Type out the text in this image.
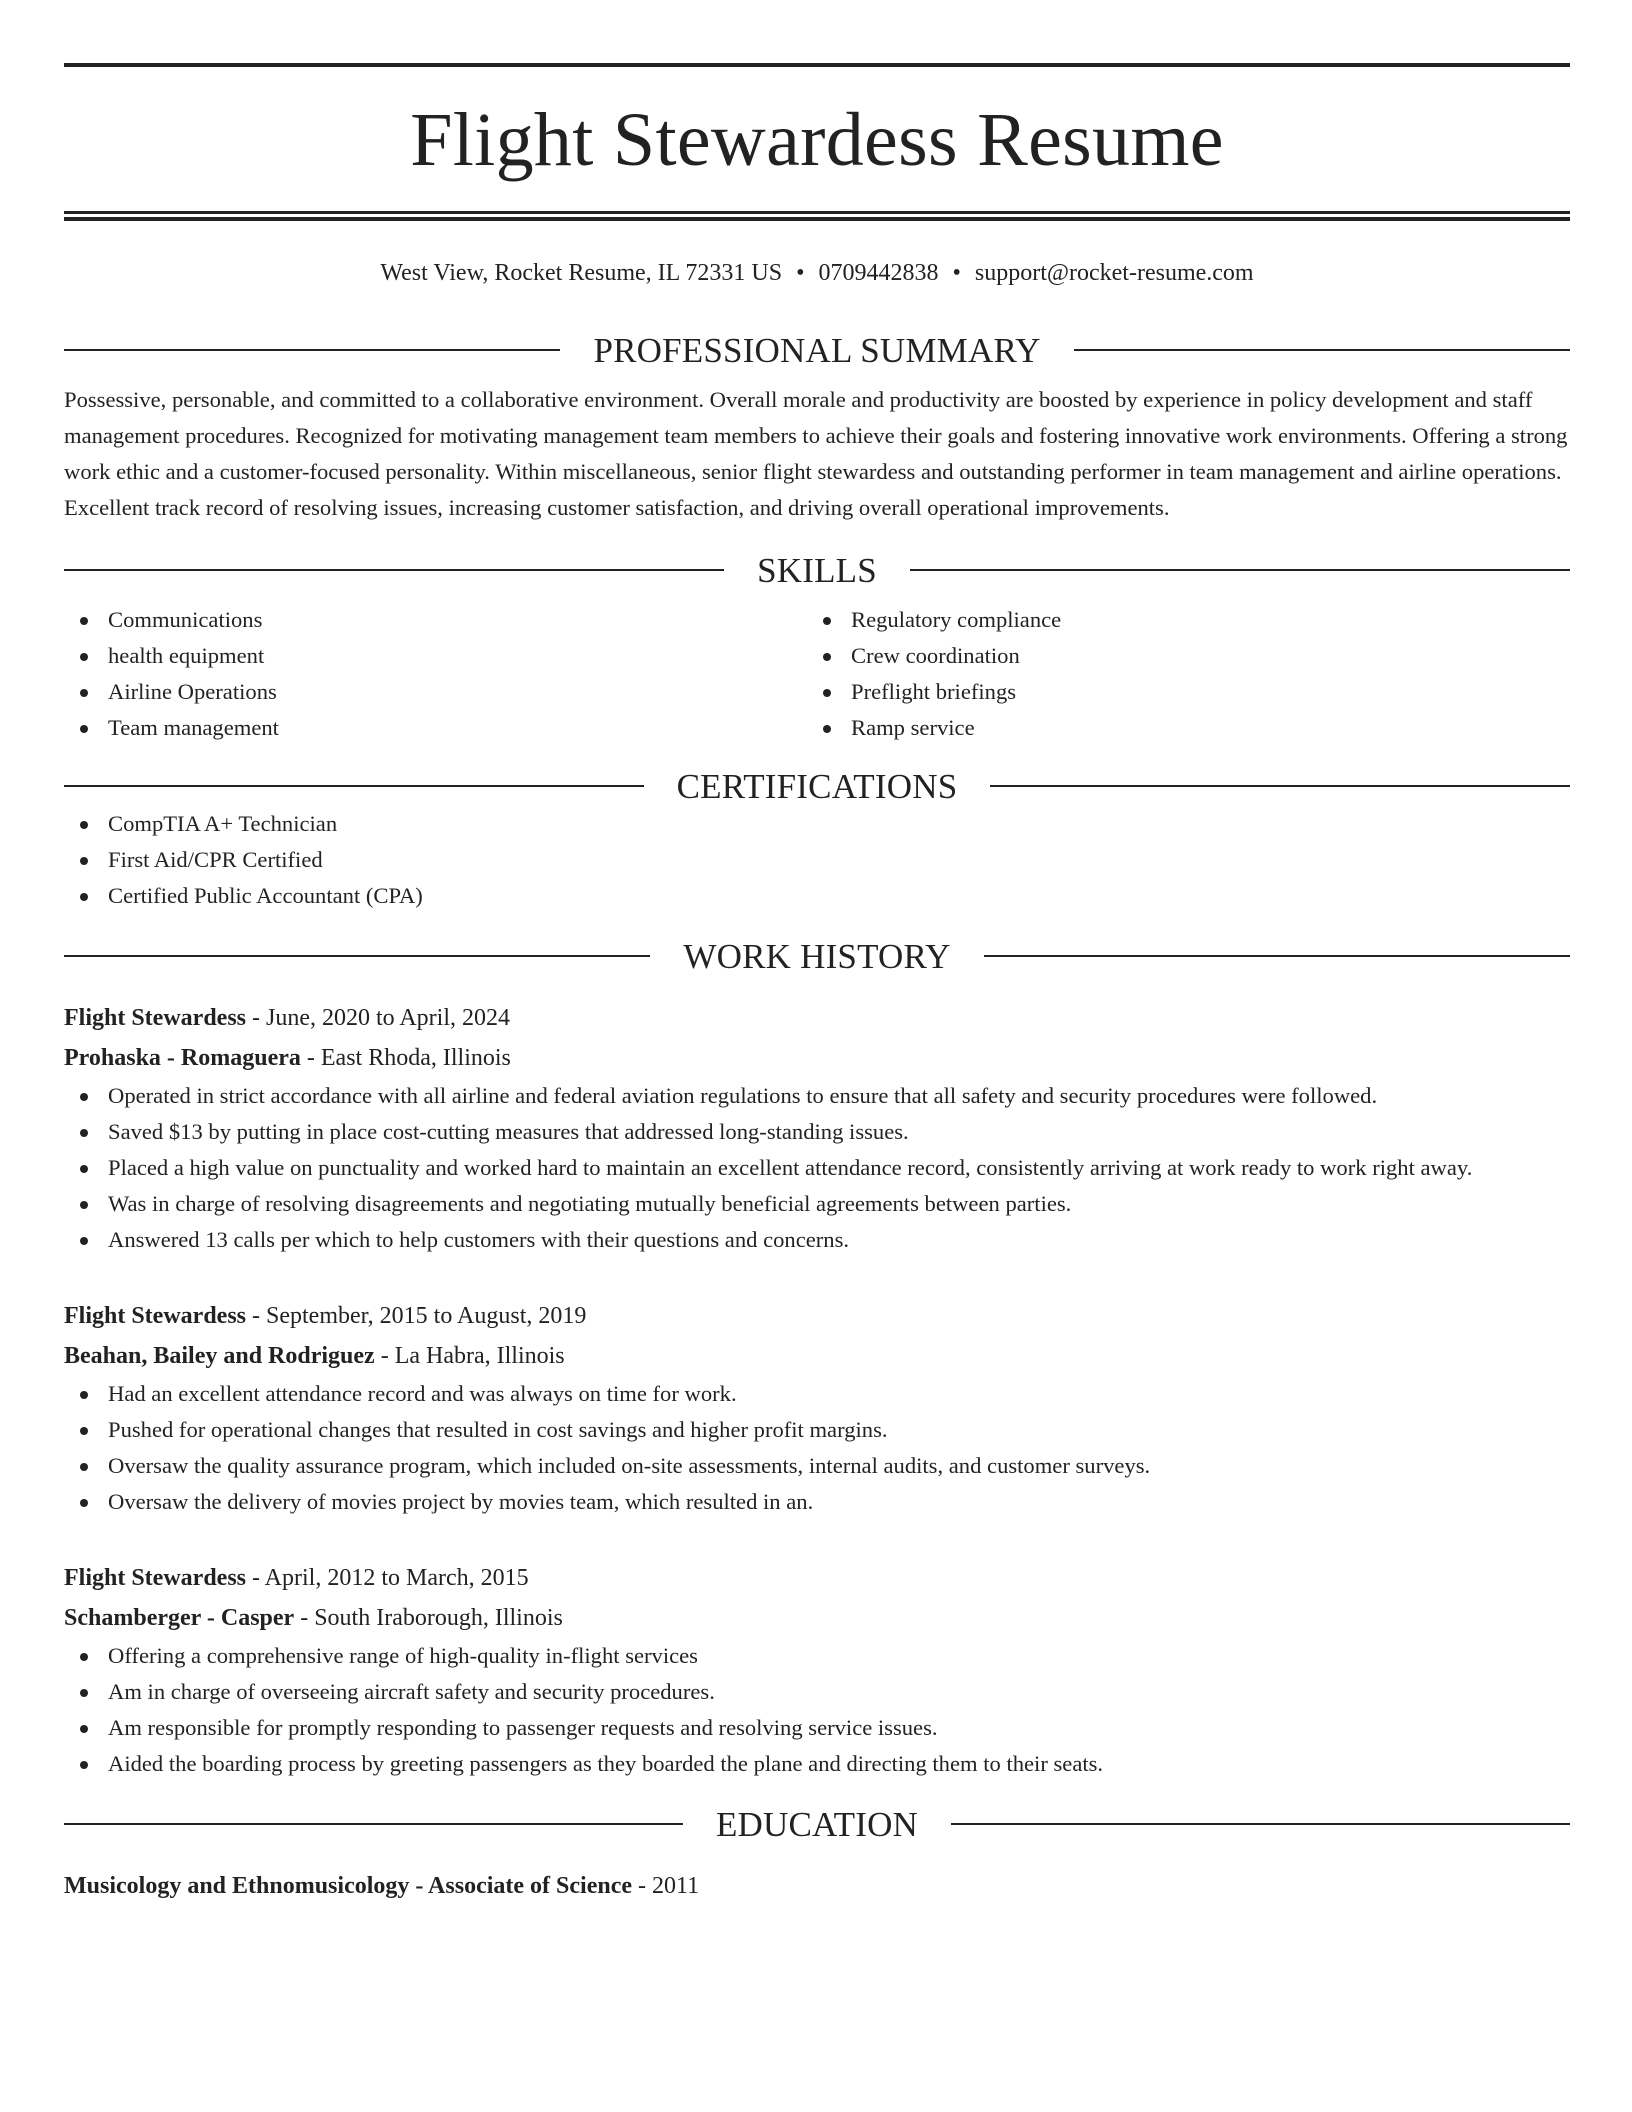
Flight Stewardess Resume
West View, Rocket Resume, IL 72331 US • 0709442838 • support@rocket-resume.com
PROFESSIONAL SUMMARY

Possessive, personable, and committed to a collaborative environment. Overall morale and productivity are boosted by experience in policy development and staff management procedures. Recognized for motivating management team members to achieve their goals and fostering innovative work environments. Offering a strong work ethic and a customer-focused personality. Within miscellaneous, senior flight stewardess and outstanding performer in team management and airline operations. Excellent track record of resolving issues, increasing customer satisfaction, and driving overall operational improvements.

SKILLS
Communications
health equipment
Airline Operations
Team management
Regulatory compliance
Crew coordination
Preflight briefings
Ramp service
CERTIFICATIONS
CompTIA A+ Technician
First Aid/CPR Certified
Certified Public Accountant (CPA)
WORK HISTORY
Flight Stewardess - June, 2020 to April, 2024
Prohaska - Romaguera - East Rhoda, Illinois
Operated in strict accordance with all airline and federal aviation regulations to ensure that all safety and security procedures were followed.
Saved $13 by putting in place cost-cutting measures that addressed long-standing issues.
Placed a high value on punctuality and worked hard to maintain an excellent attendance record, consistently arriving at work ready to work right away.
Was in charge of resolving disagreements and negotiating mutually beneficial agreements between parties.
Answered 13 calls per which to help customers with their questions and concerns.
Flight Stewardess - September, 2015 to August, 2019
Beahan, Bailey and Rodriguez - La Habra, Illinois
Had an excellent attendance record and was always on time for work.
Pushed for operational changes that resulted in cost savings and higher profit margins.
Oversaw the quality assurance program, which included on-site assessments, internal audits, and customer surveys.
Oversaw the delivery of movies project by movies team, which resulted in an.
Flight Stewardess - April, 2012 to March, 2015
Schamberger - Casper - South Iraborough, Illinois
Offering a comprehensive range of high-quality in-flight services
Am in charge of overseeing aircraft safety and security procedures.
Am responsible for promptly responding to passenger requests and resolving service issues.
Aided the boarding process by greeting passengers as they boarded the plane and directing them to their seats.
EDUCATION
Musicology and Ethnomusicology - Associate of Science - 2011
